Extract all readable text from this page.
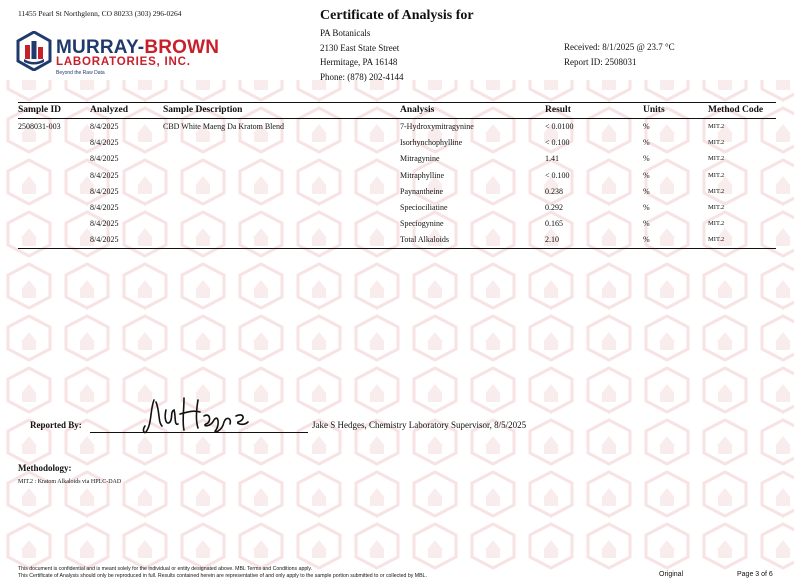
11455 Pearl St Northglenn, CO 80233 (303) 296-0264
MURRAY-BROWN
LABORATORIES, INC.
Beyond the Raw Data
Certificate of Analysis for
PA Botanicals
2130 East State Street
Hermitage, PA 16148
Phone: (878) 202-4144
Received: 8/1/2025 @ 23.7 °C
Report ID: 2508031
Sample ID	Analyzed	Sample Description	Analysis	Result	Units	Method Code
2508031-003	8/4/2025	CBD White Maeng Da Kratom Blend	7-Hydroxymitragynine	< 0.0100	%	MIT.2
	8/4/2025		Isorhynchophylline	< 0.100	%	MIT.2
	8/4/2025		Mitragynine	1.41	%	MIT.2
	8/4/2025		Mitraphylline	< 0.100	%	MIT.2
	8/4/2025		Paynantheine	0.238	%	MIT.2
	8/4/2025		Speciociliatine	0.292	%	MIT.2
	8/4/2025		Speciogynine	0.165	%	MIT.2
	8/4/2025		Total Alkaloids	2.10	%	MIT.2
Reported By:	Jake S Hedges, Chemistry Laboratory Supervisor, 8/5/2025
Methodology:
MIT.2 : Kratom Alkaloids via HPLC-DAD
This document is confidential and is meant solely for the individual or entity designated above. MBL Terms and Conditions apply.
This Certificate of Analysis should only be reproduced in full. Results contained herein are representative of and only apply to the sample portion submitted to or collected by MBL.	Original	Page 3 of 6
